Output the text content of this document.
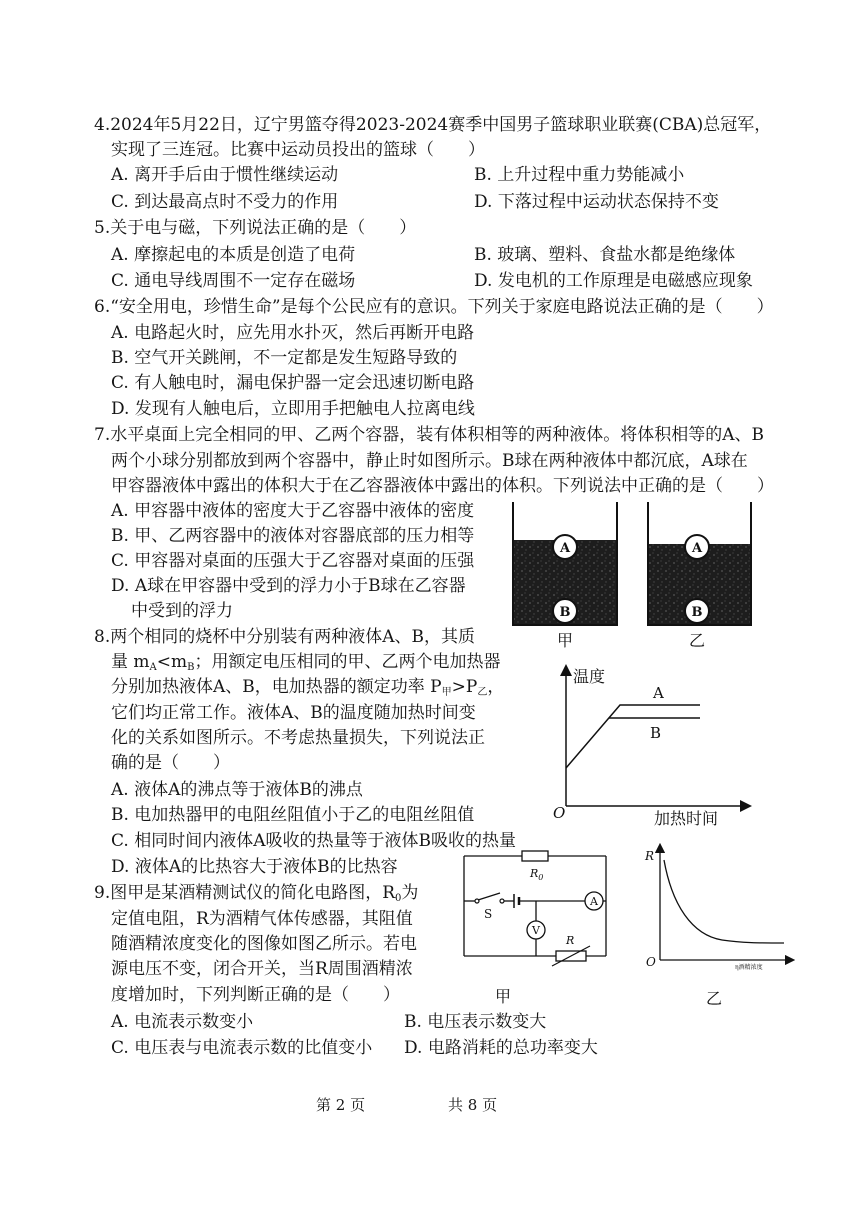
4.2024年5月22日，辽宁男篮夺得2023-2024赛季中国男子篮球职业联赛(CBA)总冠军，
实现了三连冠。比赛中运动员投出的篮球（　　）
A. 离开手后由于惯性继续运动	B. 上升过程中重力势能减小
C. 到达最高点时不受力的作用	D. 下落过程中运动状态保持不变
5.关于电与磁，下列说法正确的是（　　）
A. 摩擦起电的本质是创造了电荷	B. 玻璃、塑料、食盐水都是绝缘体
C. 通电导线周围不一定存在磁场	D. 发电机的工作原理是电磁感应现象
6.“安全用电，珍惜生命”是每个公民应有的意识。下列关于家庭电路说法正确的是（　　）
A. 电路起火时，应先用水扑灭，然后再断开电路
B. 空气开关跳闸，不一定都是发生短路导致的
C. 有人触电时，漏电保护器一定会迅速切断电路
D. 发现有人触电后，立即用手把触电人拉离电线
7.水平桌面上完全相同的甲、乙两个容器，装有体积相等的两种液体。将体积相等的A、B
两个小球分别都放到两个容器中，静止时如图所示。B球在两种液体中都沉底，A球在
甲容器液体中露出的体积大于在乙容器液体中露出的体积。下列说法中正确的是（　　）
A. 甲容器中液体的密度大于乙容器中液体的密度
B. 甲、乙两容器中的液体对容器底部的压力相等
C. 甲容器对桌面的压强大于乙容器对桌面的压强
D. A球在甲容器中受到的浮力小于B球在乙容器
中受到的浮力
8.两个相同的烧杯中分别装有两种液体A、B，其质
量 $m_A<m_B$；用额定电压相同的甲、乙两个电加热器
分别加热液体A、B，电加热器的额定功率 $P_甲>P_乙$，
它们均正常工作。液体A、B的温度随加热时间变
化的关系如图所示。不考虑热量损失，下列说法正
确的是（　　）
A. 液体A的沸点等于液体B的沸点
B. 电加热器甲的电阻丝阻值小于乙的电阻丝阻值
C. 相同时间内液体A吸收的热量等于液体B吸收的热量
D. 液体A的比热容大于液体B的比热容
9.图甲是某酒精测试仪的简化电路图，$R_0$为
定值电阻，R为酒精气体传感器，其阻值
随酒精浓度变化的图像如图乙所示。若电
源电压不变，闭合开关，当R周围酒精浓
度增加时，下列判断正确的是（　　）
A. 电流表示数变小	B. 电压表示数变大
C. 电压表与电流表示数的比值变小 D. 电路消耗的总功率变大
第 2 页	共 8 页
A
B
甲
A
B
乙
温度
加热时间
O
A
B
$R_0$
S
A
V
R
甲
R
O	η酒精浓度
乙
